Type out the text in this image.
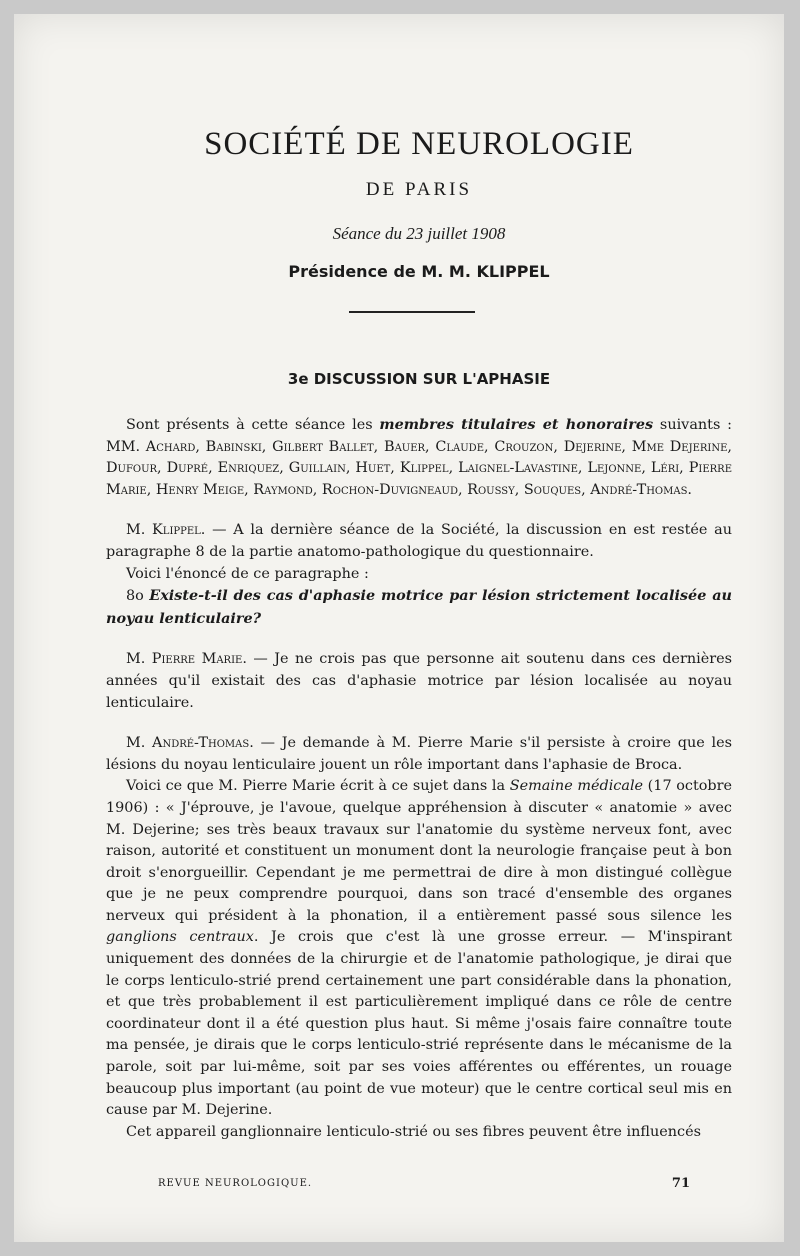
SOCIÉTÉ DE NEUROLOGIE
DE PARIS
Séance du 23 juillet 1908
Présidence de M. M. KLIPPEL
3e DISCUSSION SUR L'APHASIE

Sont présents à cette séance les membres titulaires et honoraires suivants : MM. Achard, Babinski, Gilbert Ballet, Bauer, Claude, Crouzon, Dejerine, Mme Dejerine, Dufour, Dupré, Enriquez, Guillain, Huet, Klippel, Laignel-Lavastine, Lejonne, Léri, Pierre Marie, Henry Meige, Raymond, Rochon-Duvigneaud, Roussy, Souques, André-Thomas.

M. Klippel. — A la dernière séance de la Société, la discussion en est restée au paragraphe 8 de la partie anatomo-pathologique du questionnaire.

Voici l'énoncé de ce paragraphe :

8o Existe-t-il des cas d'aphasie motrice par lésion strictement localisée au noyau lenticulaire?

M. Pierre Marie. — Je ne crois pas que personne ait soutenu dans ces dernières années qu'il existait des cas d'aphasie motrice par lésion localisée au noyau lenticulaire.

M. André-Thomas. — Je demande à M. Pierre Marie s'il persiste à croire que les lésions du noyau lenticulaire jouent un rôle important dans l'aphasie de Broca.

Voici ce que M. Pierre Marie écrit à ce sujet dans la Semaine médicale (17 octobre 1906) : « J'éprouve, je l'avoue, quelque appréhension à discuter « anatomie » avec M. Dejerine; ses très beaux travaux sur l'anatomie du système nerveux font, avec raison, autorité et constituent un monument dont la neurologie française peut à bon droit s'enorgueillir. Cependant je me permettrai de dire à mon distingué collègue que je ne peux comprendre pourquoi, dans son tracé d'ensemble des organes nerveux qui président à la phonation, il a entièrement passé sous silence les ganglions centraux. Je crois que c'est là une grosse erreur. — M'inspirant uniquement des données de la chirurgie et de l'anatomie pathologique, je dirai que le corps lenticulo-strié prend certainement une part considérable dans la phonation, et que très probablement il est particulièrement impliqué dans ce rôle de centre coordinateur dont il a été question plus haut. Si même j'osais faire connaître toute ma pensée, je dirais que le corps lenticulo-strié représente dans le mécanisme de la parole, soit par lui-même, soit par ses voies afférentes ou efférentes, un rouage beaucoup plus important (au point de vue moteur) que le centre cortical seul mis en cause par M. Dejerine.

Cet appareil ganglionnaire lenticulo-strié ou ses fibres peuvent être influencés

REVUE NEUROLOGIQUE.	71
